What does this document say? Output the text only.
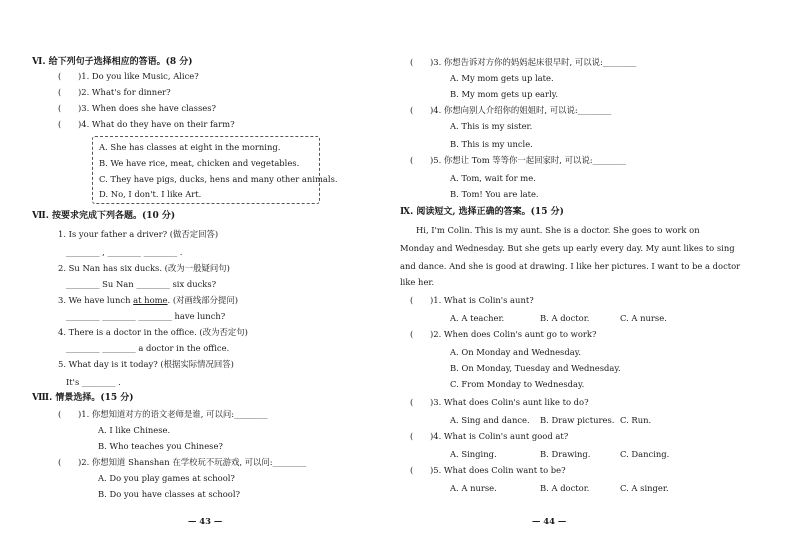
Ⅵ. 给下列句子选择相应的答语。(8 分)
(　　)1. Do you like Music, Alice?
(　　)2. What's for dinner?
(　　)3. When does she have classes?
(　　)4. What do they have on their farm?
A. She has classes at eight in the morning.
B. We have rice, meat, chicken and vegetables.
C. They have pigs, ducks, hens and many other animals.
D. No, I don't. I like Art.
Ⅶ. 按要求完成下列各题。(10 分)
1. Is your father a driver? (做否定回答)
________ , ________ ________ .
2. Su Nan has six ducks. (改为一般疑问句)
________ Su Nan ________ six ducks?
3. We have lunch at home. (对画线部分提问)
________ ________ ________ have lunch?
4. There is a doctor in the office. (改为否定句)
________ ________ a doctor in the office.
5. What day is it today? (根据实际情况回答)
It's ________ .
Ⅷ. 情景选择。(15 分)
(　　)1. 你想知道对方的语文老师是谁, 可以问:________
A. I like Chinese.
B. Who teaches you Chinese?
(　　)2. 你想知道 Shanshan 在学校玩不玩游戏, 可以问:________
A. Do you play games at school?
B. Do you have classes at school?
— 43 —
(　　)3. 你想告诉对方你的妈妈起床很早时, 可以说:________
A. My mom gets up late.
B. My mom gets up early.
(　　)4. 你想向别人介绍你的姐姐时, 可以说:________
A. This is my sister.
B. This is my uncle.
(　　)5. 你想让 Tom 等等你一起回家时, 可以说:________
A. Tom, wait for me.
B. Tom! You are late.
Ⅸ. 阅读短文, 选择正确的答案。(15 分)
Hi, I'm Colin. This is my aunt. She is a doctor. She goes to work on
Monday and Wednesday. But she gets up early every day. My aunt likes to sing
and dance. And she is good at drawing. I like her pictures. I want to be a doctor
like her.
(　　)1. What is Colin's aunt?
A. A teacher.	B. A doctor.	C. A nurse.
(　　)2. When does Colin's aunt go to work?
A. On Monday and Wednesday.
B. On Monday, Tuesday and Wednesday.
C. From Monday to Wednesday.
(　　)3. What does Colin's aunt like to do?
A. Sing and dance. B. Draw pictures. C. Run.
(　　)4. What is Colin's aunt good at?
A. Singing.	B. Drawing.	C. Dancing.
(　　)5. What does Colin want to be?
A. A nurse.	B. A doctor.	C. A singer.
— 44 —
